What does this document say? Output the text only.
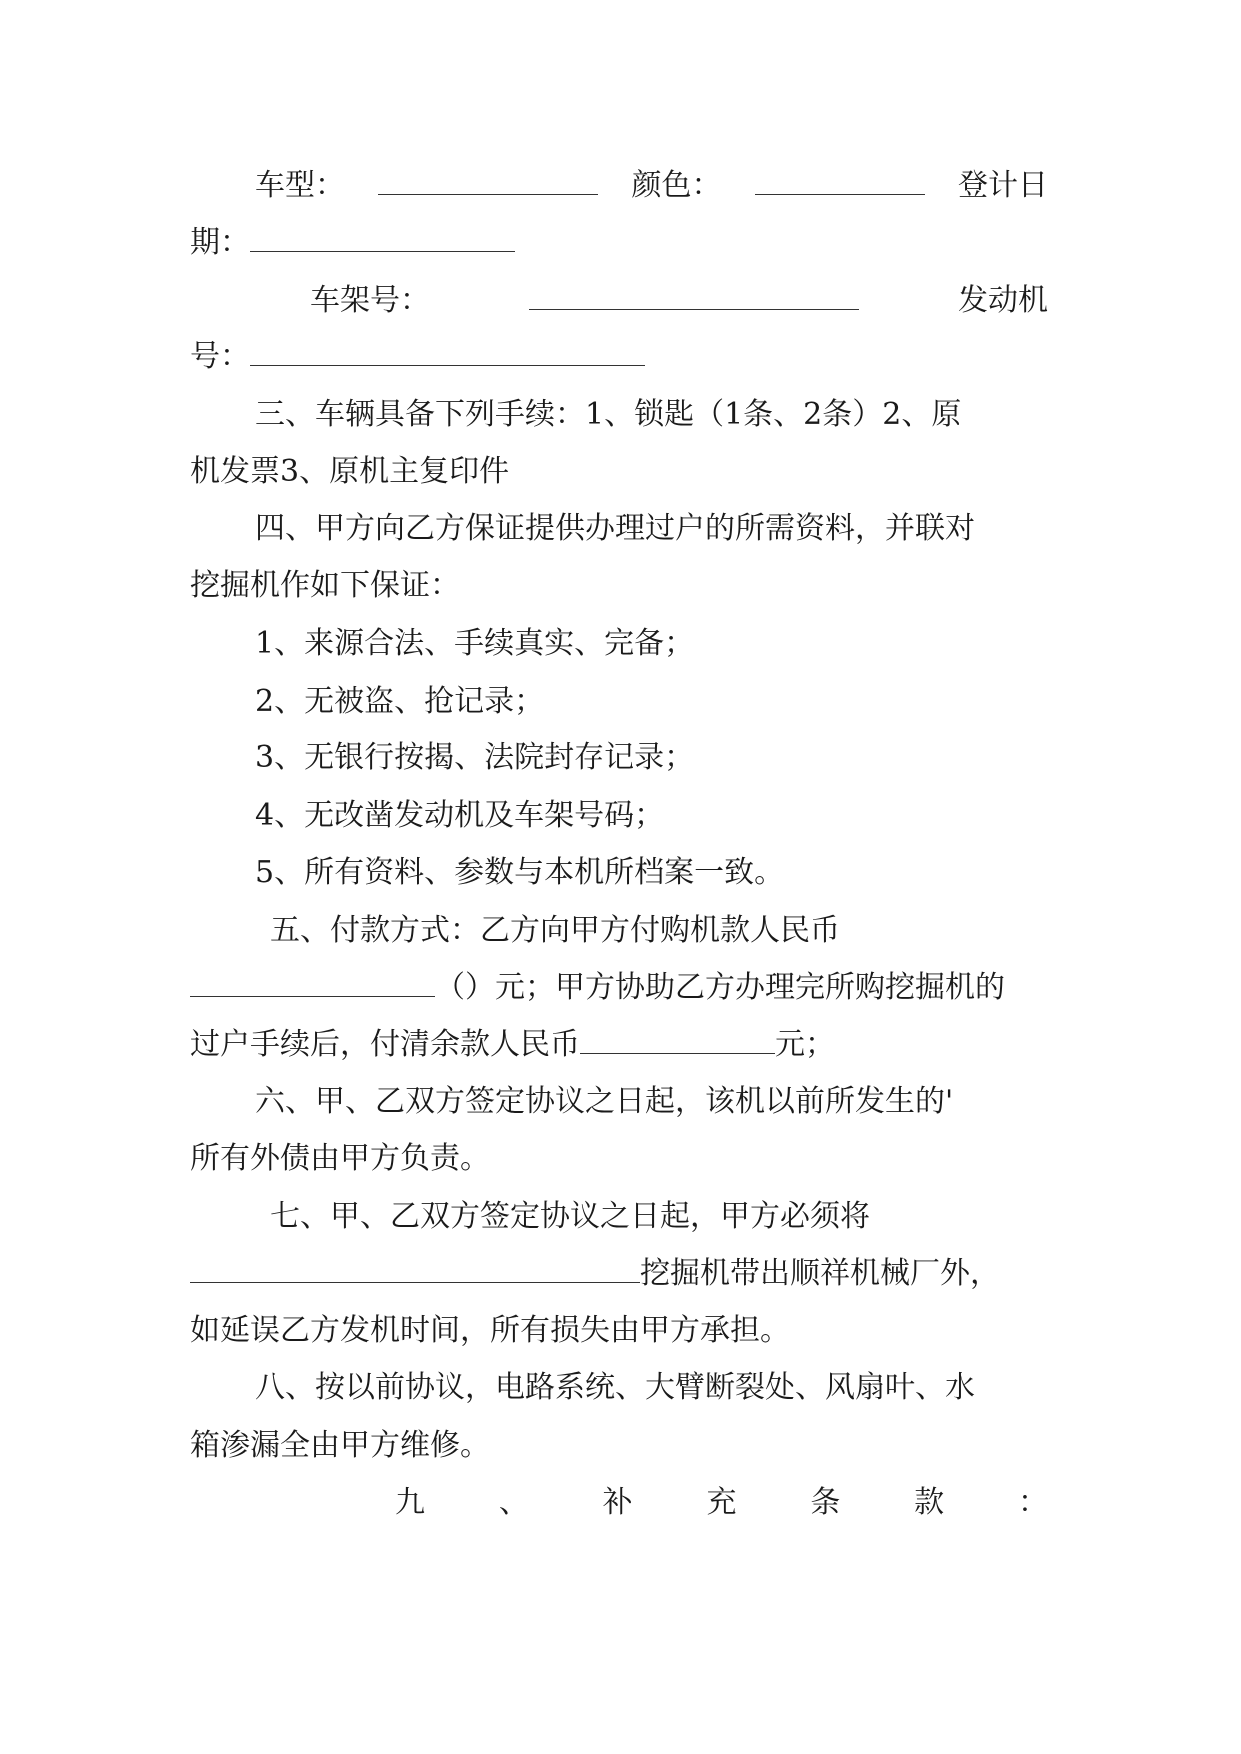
车型：	颜色：	登计日
期：
车架号：	发动机
号：
三、车辆具备下列手续：1、锁匙（1条、2条）2、原
机发票3、原机主复印件
四、甲方向乙方保证提供办理过户的所需资料，并联对
挖掘机作如下保证：
1、来源合法、手续真实、完备；
2、无被盗、抢记录；
3、无银行按揭、法院封存记录；
4、无改凿发动机及车架号码；
5、所有资料、参数与本机所档案一致。
五、付款方式：乙方向甲方付购机款人民币
（）元；甲方协助乙方办理完所购挖掘机的
过户手续后，付清余款人民币	元；
六、甲、乙双方签定协议之日起，该机以前所发生的'
所有外债由甲方负责。
七、甲、乙双方签定协议之日起，甲方必须将
挖掘机带出顺祥机械厂外，
如延误乙方发机时间，所有损失由甲方承担。
八、按以前协议，电路系统、大臂断裂处、风扇叶、水
箱渗漏全由甲方维修。
九 、 补 充 条 款 ：
